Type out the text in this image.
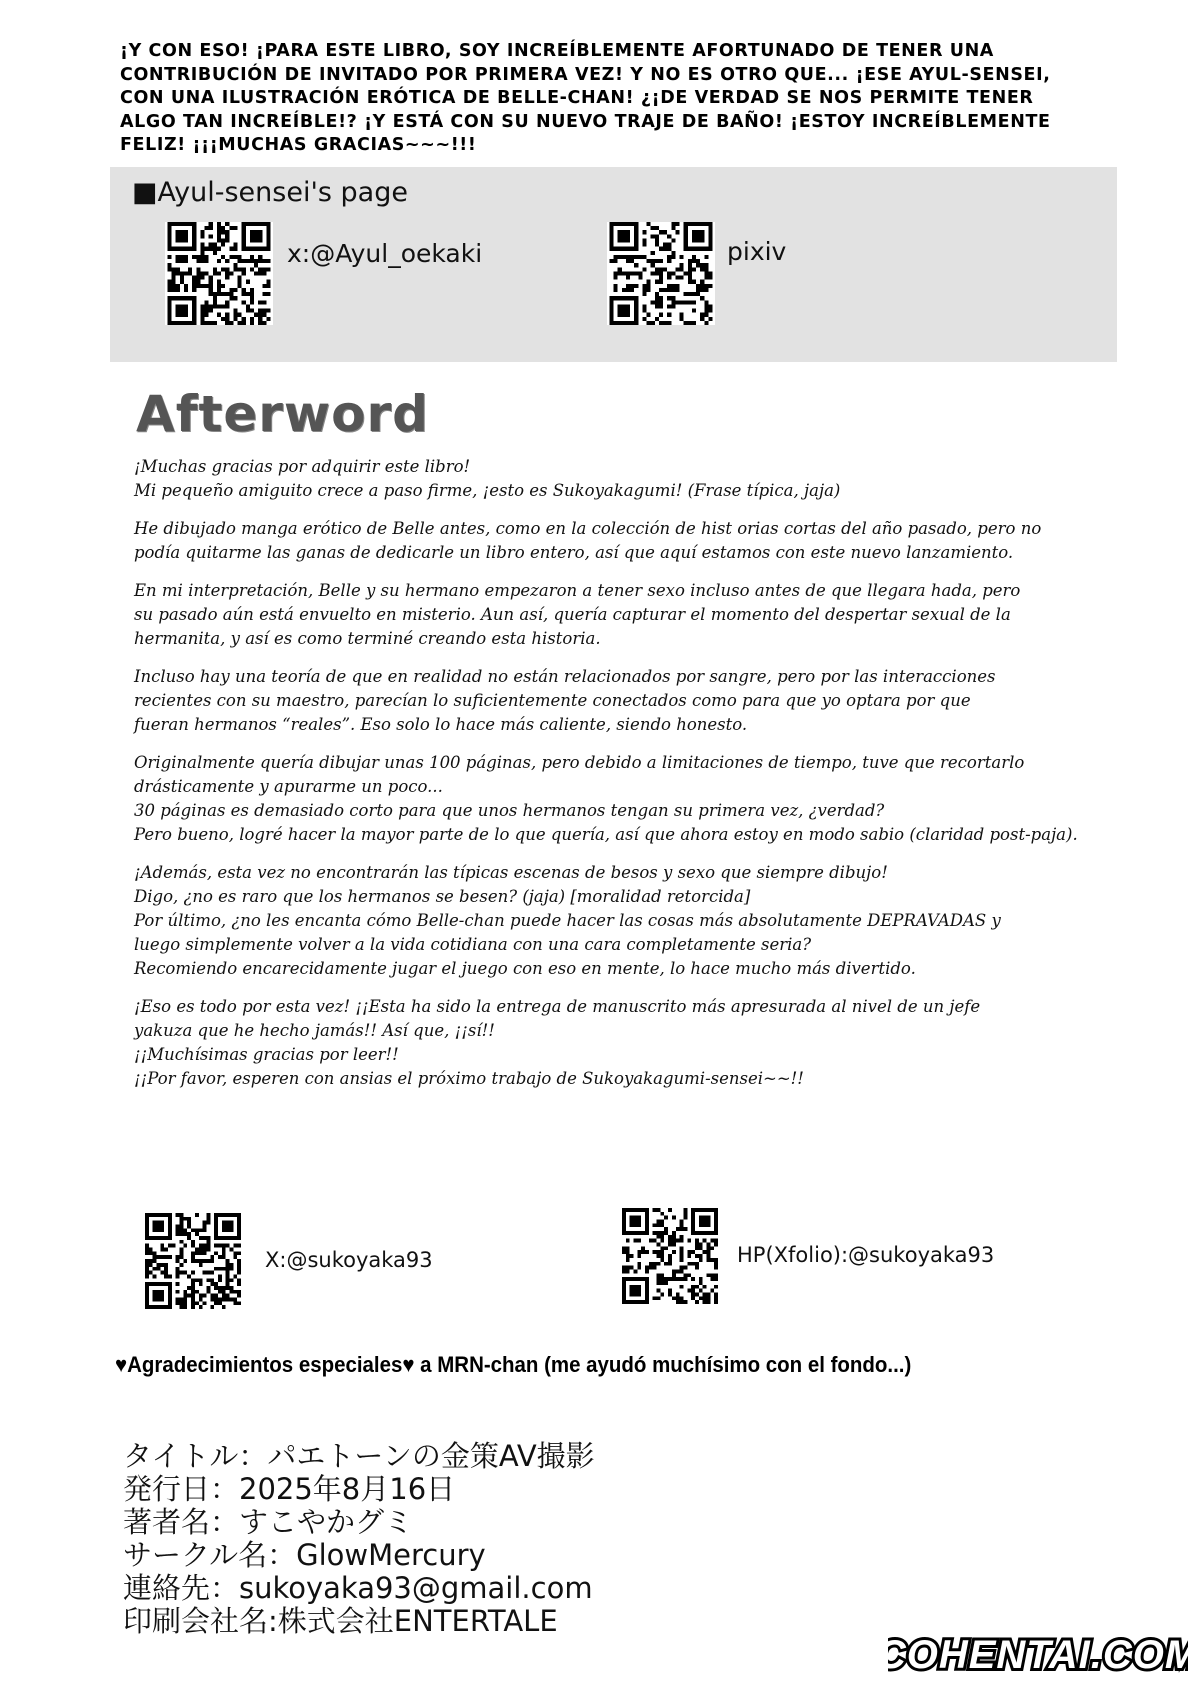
¡Y CON ESO! ¡PARA ESTE LIBRO, SOY INCREÍBLEMENTE AFORTUNADO DE TENER UNA

CONTRIBUCIÓN DE INVITADO POR PRIMERA VEZ! Y NO ES OTRO QUE... ¡ESE AYUL-SENSEI,

CON UNA ILUSTRACIÓN ERÓTICA DE BELLE-CHAN! ¿¡DE VERDAD SE NOS PERMITE TENER

ALGO TAN INCREÍBLE!? ¡Y ESTÁ CON SU NUEVO TRAJE DE BAÑO! ¡ESTOY INCREÍBLEMENTE

FELIZ! ¡¡¡MUCHAS GRACIAS~~~!!!

■Ayul-sensei's page
x:@Ayul_oekaki	pixiv
Afterword
¡Muchas gracias por adquirir este libro!
Mi pequeño amiguito crece a paso firme, ¡esto es Sukoyakagumi! (Frase típica, jaja)
He dibujado manga erótico de Belle antes, como en la colección de hist orias cortas del año pasado, pero no
podía quitarme las ganas de dedicarle un libro entero, así que aquí estamos con este nuevo lanzamiento.
En mi interpretación, Belle y su hermano empezaron a tener sexo incluso antes de que llegara hada, pero
su pasado aún está envuelto en misterio. Aun así, quería capturar el momento del despertar sexual de la
hermanita, y así es como terminé creando esta historia.
Incluso hay una teoría de que en realidad no están relacionados por sangre, pero por las interacciones
recientes con su maestro, parecían lo suficientemente conectados como para que yo optara por que
fueran hermanos “reales”. Eso solo lo hace más caliente, siendo honesto.
Originalmente quería dibujar unas 100 páginas, pero debido a limitaciones de tiempo, tuve que recortarlo
drásticamente y apurarme un poco...
30 páginas es demasiado corto para que unos hermanos tengan su primera vez, ¿verdad?
Pero bueno, logré hacer la mayor parte de lo que quería, así que ahora estoy en modo sabio (claridad post-paja).
¡Además, esta vez no encontrarán las típicas escenas de besos y sexo que siempre dibujo!
Digo, ¿no es raro que los hermanos se besen? (jaja) [moralidad retorcida]
Por último, ¿no les encanta cómo Belle-chan puede hacer las cosas más absolutamente DEPRAVADAS y
luego simplemente volver a la vida cotidiana con una cara completamente seria?
Recomiendo encarecidamente jugar el juego con eso en mente, lo hace mucho más divertido.
¡Eso es todo por esta vez! ¡¡Esta ha sido la entrega de manuscrito más apresurada al nivel de un jefe
yakuza que he hecho jamás!! Así que, ¡¡sí!!
¡¡Muchísimas gracias por leer!!
¡¡Por favor, esperen con ansias el próximo trabajo de Sukoyakagumi-sensei~~!!
X:@sukoyaka93	HP(Xfolio):@sukoyaka93
♥Agradecimientos especiales♥ a MRN-chan (me ayudó muchísimo con el fondo...)
タイトル：パエトーンの金策AV撮影
発行日：2025年8月16日
著者名：すこやかグミ
サークル名：GlowMercury
連絡先：sukoyaka93@gmail.com
印刷会社名:株式会社ENTERTALE
COHENTAI.COM
